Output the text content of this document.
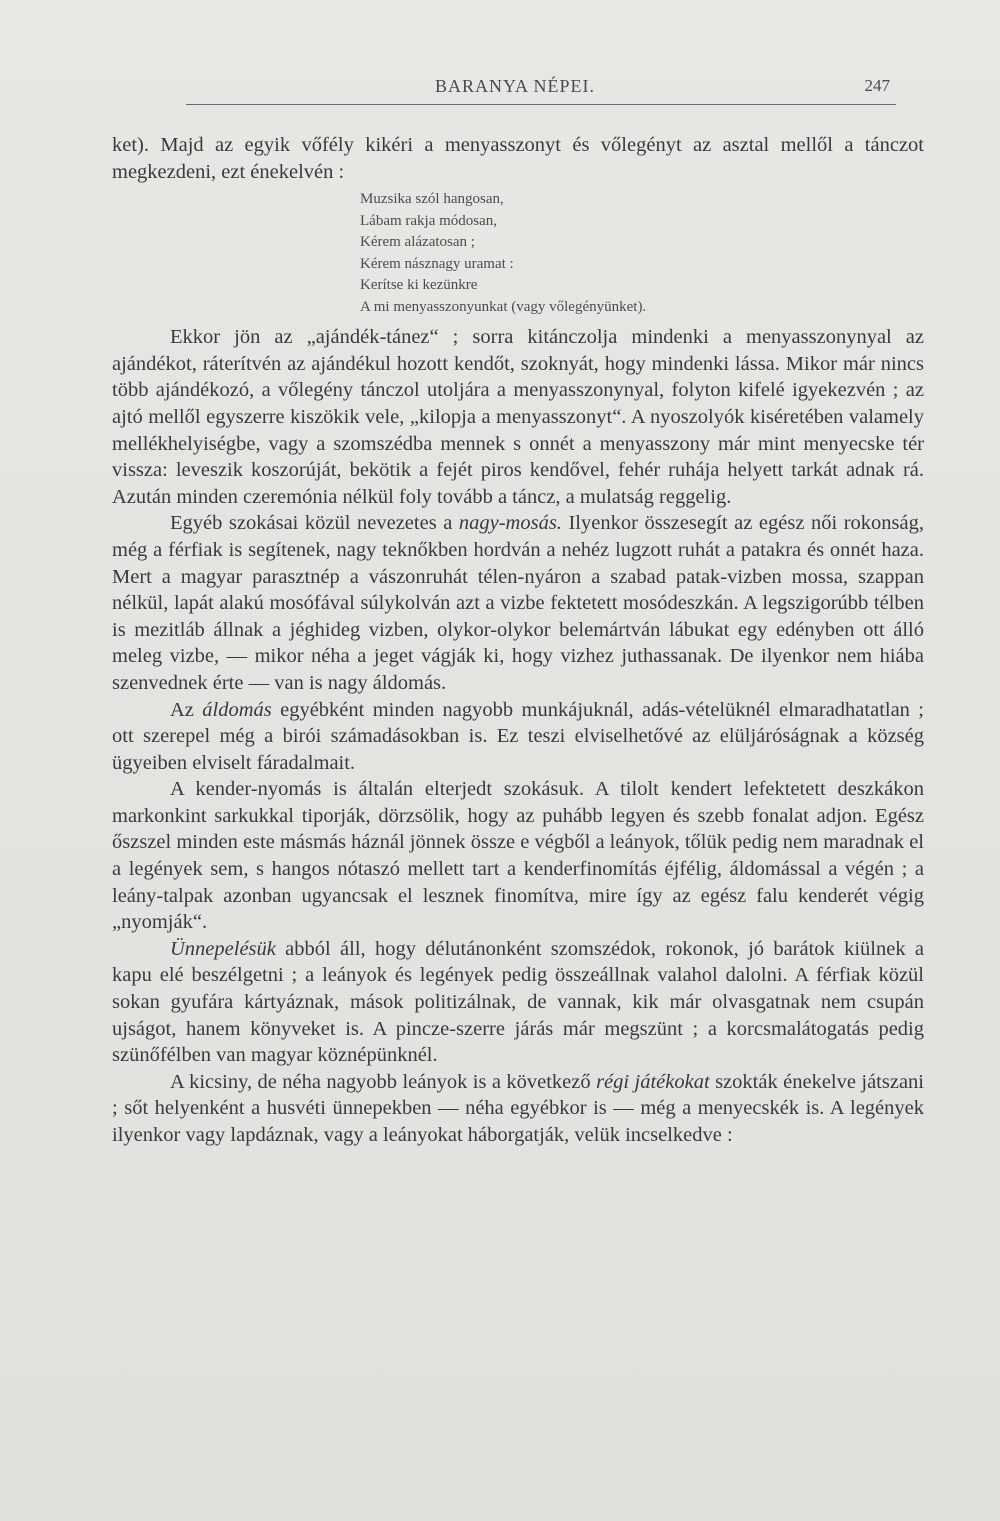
BARANYA NÉPEI.	247

ket). Majd az egyik vőfély kikéri a menyasszonyt és vőlegényt az asztal mellől a tánczot megkezdeni, ezt énekelvén :

Muzsika szól hangosan,
Lábam rakja módosan,
Kérem alázatosan ;
Kérem násznagy uramat :
Kerítse ki kezünkre
A mi menyasszonyunkat (vagy vőlegényünket).

Ekkor jön az „ajándék-tánez“ ; sorra kitánczolja mindenki a menyasszonynyal az ajándékot, ráterítvén az ajándékul hozott kendőt, szoknyát, hogy mindenki lássa. Mikor már nincs több ajándékozó, a vőlegény tánczol utoljára a menyasszonynyal, folyton kifelé igyekezvén ; az ajtó mellől egyszerre kiszökik vele, „kilopja a menyasszonyt“. A nyoszolyók kiséretében valamely mellékhelyiségbe, vagy a szomszédba mennek s onnét a menyasszony már mint menyecske tér vissza: leveszik koszorúját, bekötik a fejét piros kendővel, fehér ruhája helyett tarkát adnak rá. Azután minden czeremónia nélkül foly tovább a táncz, a mulatság reggelig.

Egyéb szokásai közül nevezetes a nagy-mosás. Ilyenkor összesegít az egész női rokonság, még a férfiak is segítenek, nagy teknőkben hordván a nehéz lugzott ruhát a patakra és onnét haza. Mert a magyar parasztnép a vászonruhát télen-nyáron a szabad patak-vizben mossa, szappan nélkül, lapát alakú mosófával súlykolván azt a vizbe fektetett mosódeszkán. A legszigorúbb télben is mezitláb állnak a jéghideg vizben, olykor-olykor belemártván lábukat egy edényben ott álló meleg vizbe, — mikor néha a jeget vágják ki, hogy vizhez juthassanak. De ilyenkor nem hiába szenvednek érte — van is nagy áldomás.

Az áldomás egyébként minden nagyobb munkájuknál, adás-vételüknél elmaradhatatlan ; ott szerepel még a birói számadásokban is. Ez teszi elviselhetővé az elüljáróságnak a község ügyeiben elviselt fáradalmait.

A kender-nyomás is általán elterjedt szokásuk. A tilolt kendert lefektetett deszkákon markonkint sarkukkal tiporják, dörzsölik, hogy az puhább legyen és szebb fonalat adjon. Egész őszszel minden este másmás háznál jönnek össze e végből a leányok, tőlük pedig nem maradnak el a legények sem, s hangos nótaszó mellett tart a kenderfinomítás éjfélig, áldomással a végén ; a leány-talpak azonban ugyancsak el lesznek finomítva, mire így az egész falu kenderét végig „nyomják“.

Ünnepelésük abból áll, hogy délutánonként szomszédok, rokonok, jó barátok kiülnek a kapu elé beszélgetni ; a leányok és legények pedig összeállnak valahol dalolni. A férfiak közül sokan gyufára kártyáznak, mások politizálnak, de vannak, kik már olvasgatnak nem csupán ujságot, hanem könyveket is. A pincze-szerre járás már megszünt ; a korcsmalátogatás pedig szünőfélben van magyar köznépünknél.

A kicsiny, de néha nagyobb leányok is a következő régi játékokat szokták énekelve játszani ; sőt helyenként a husvéti ünnepekben — néha egyébkor is — még a menyecskék is. A legények ilyenkor vagy lapdáznak, vagy a leányokat háborgatják, velük incselkedve :
